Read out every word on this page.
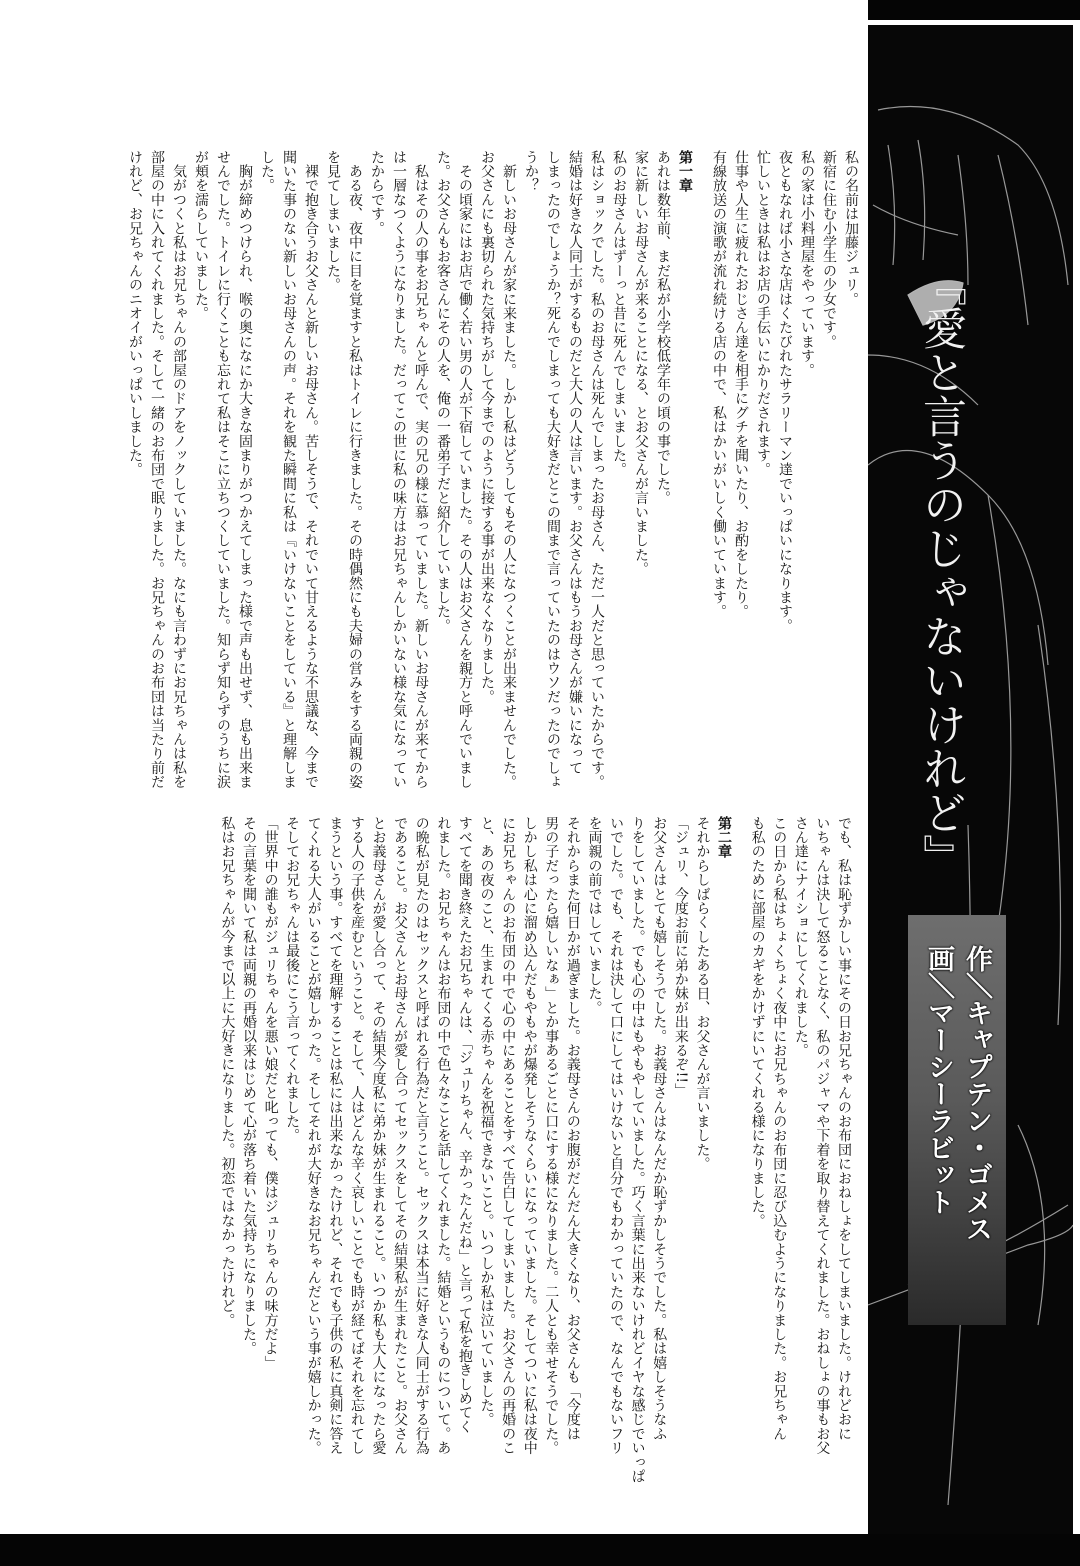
『愛と言うのじゃないけれど』
作＼キャプテン・ゴメス
画＼マーシーラビット
私の名前は加藤ジュリ。
新宿に住む小学生の少女です。
私の家は小料理屋をやっています。
夜ともなれば小さな店はくたびれたサラリーマン達でいっぱいになります。
忙しいときは私はお店の手伝いにかりだされます。
仕事や人生に疲れたおじさん達を相手にグチを聞いたり、お酌をしたり。
有線放送の演歌が流れ続ける店の中で、私はかいがいしく働いています。
第一章
あれは数年前、まだ私が小学校低学年の頃の事でした。
家に新しいお母さんが来ることになる、とお父さんが言いました。
私のお母さんはずーっと昔に死んでしまいました。
私はショックでした。私のお母さんは死んでしまったお母さん、ただ一人だと思っていたからです。
結婚は好きな人同士がするものだと大人の人は言います。お父さんはもうお母さんが嫌いになって
しまったのでしょうか？死んでしまっても大好きだとこの間まで言っていたのはウソだったのでしょ
うか？
　新しいお母さんが家に来ました。しかし私はどうしてもその人になつくことが出来ませんでした。
お父さんにも裏切られた気持ちがして今までのように接する事が出来なくなりました。
　その頃家にはお店で働く若い男の人が下宿していました。その人はお父さんを親方と呼んでいまし
た。お父さんもお客さんにその人を、俺の一番弟子だと紹介していました。
　私はその人の事をお兄ちゃんと呼んで、実の兄の様に慕っていました。新しいお母さんが来てから
は一層なつくようになりました。だってこの世に私の味方はお兄ちゃんしかいない様な気になってい
たからです。
　ある夜、夜中に目を覚ますと私はトイレに行きました。その時偶然にも夫婦の営みをする両親の姿
を見てしまいました。
　裸で抱き合うお父さんと新しいお母さん。苦しそうで、それでいて甘えるような不思議な、今まで
聞いた事のない新しいお母さんの声。それを観た瞬間に私は『いけないことをしている』と理解しま
した。
　胸が締めつけられ、喉の奥になにか大きな固まりがつかえてしまった様で声も出せず、息も出来ま
せんでした。トイレに行くことも忘れて私はそこに立ちつくしていました。知らず知らずのうちに涙
が頬を濡らしていました。
　気がつくと私はお兄ちゃんの部屋のドアをノックしていました。なにも言わずにお兄ちゃんは私を
部屋の中に入れてくれました。そして一緒のお布団で眠りました。お兄ちゃんのお布団は当たり前だ
けれど、お兄ちゃんのニオイがいっぱいしました。
でも、私は恥ずかしい事にその日お兄ちゃんのお布団におねしょをしてしまいました。けれどおに
いちゃんは決して怒ることなく、私のパジャマや下着を取り替えてくれました。おねしょの事もお父
さん達にナイショにしてくれました。
この日から私はちょくちょく夜中にお兄ちゃんのお布団に忍び込むようになりました。お兄ちゃん
も私のために部屋のカギをかけずにいてくれる様になりました。
第二章
それからしばらくしたある日、お父さんが言いました。
「ジュリ、今度お前に弟か妹が出来るぞ!!」
お父さんはとても嬉しそうでした。お義母さんはなんだか恥ずかしそうでした。私は嬉しそうなふ
りをしていました。でも心の中はもやもやしていました。巧く言葉に出来ないけれどイヤな感じでいっぱ
いでした。でも、それは決して口にしてはいけないと自分でもわかっていたので、なんでもないフリ
を両親の前ではしていました。
それからまた何日かが過ぎました。お義母さんのお腹がだんだん大きくなり、お父さんも「今度は
男の子だったら嬉しいなぁ」とか事あるごとに口にする様になりました。二人とも幸せそうでした。
しかし私は心に溜め込んだもやもやが爆発しそうなくらいになっていました。そしてついに私は夜中
にお兄ちゃんのお布団の中で心の中にあることをすべて告白してしまいました。お父さんの再婚のこ
と、あの夜のこと、生まれてくる赤ちゃんを祝福できないこと。いつしか私は泣いていました。
すべてを聞き終えたお兄ちゃんは、「ジュリちゃん、辛かったんだね」と言って私を抱きしめてく
れました。お兄ちゃんはお布団の中で色々なことを話してくれました。結婚というものについて。あ
の晩私が見たのはセックスと呼ばれる行為だと言うこと。セックスは本当に好きな人同士がする行為
であること。お父さんとお母さんが愛し合ってセックスをしてその結果私が生まれたこと。お父さん
とお義母さんが愛し合って、その結果今度私に弟か妹が生まれること。いつか私も大人になったら愛
する人の子供を産むということ。そして、人はどんな辛く哀しいことでも時が経てばそれを忘れてし
まうという事。すべてを理解することは私には出来なかったけれど、それでも子供の私に真剣に答え
てくれる大人がいることが嬉しかった。そしてそれが大好きなお兄ちゃんだという事が嬉しかった。
そしてお兄ちゃんは最後にこう言ってくれました。
「世界中の誰もがジュリちゃんを悪い娘だと叱っても、僕はジュリちゃんの味方だよ」
その言葉を聞いて私は両親の再婚以来はじめて心が落ち着いた気持ちになりました。
私はお兄ちゃんが今まで以上に大好きになりました。初恋ではなかったけれど。
